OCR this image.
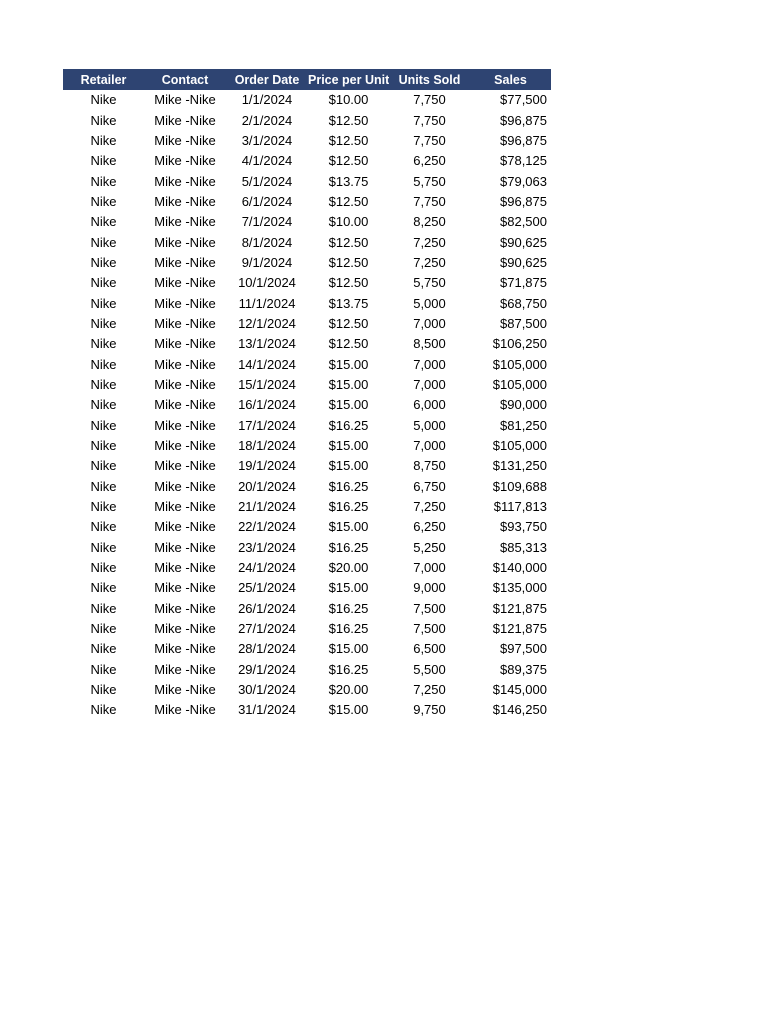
Retailer	Contact	Order Date	Price per Unit	Units Sold	Sales
Nike	Mike -Nike	1/1/2024	$10.00	7,750	$77,500
Nike	Mike -Nike	2/1/2024	$12.50	7,750	$96,875
Nike	Mike -Nike	3/1/2024	$12.50	7,750	$96,875
Nike	Mike -Nike	4/1/2024	$12.50	6,250	$78,125
Nike	Mike -Nike	5/1/2024	$13.75	5,750	$79,063
Nike	Mike -Nike	6/1/2024	$12.50	7,750	$96,875
Nike	Mike -Nike	7/1/2024	$10.00	8,250	$82,500
Nike	Mike -Nike	8/1/2024	$12.50	7,250	$90,625
Nike	Mike -Nike	9/1/2024	$12.50	7,250	$90,625
Nike	Mike -Nike	10/1/2024	$12.50	5,750	$71,875
Nike	Mike -Nike	11/1/2024	$13.75	5,000	$68,750
Nike	Mike -Nike	12/1/2024	$12.50	7,000	$87,500
Nike	Mike -Nike	13/1/2024	$12.50	8,500	$106,250
Nike	Mike -Nike	14/1/2024	$15.00	7,000	$105,000
Nike	Mike -Nike	15/1/2024	$15.00	7,000	$105,000
Nike	Mike -Nike	16/1/2024	$15.00	6,000	$90,000
Nike	Mike -Nike	17/1/2024	$16.25	5,000	$81,250
Nike	Mike -Nike	18/1/2024	$15.00	7,000	$105,000
Nike	Mike -Nike	19/1/2024	$15.00	8,750	$131,250
Nike	Mike -Nike	20/1/2024	$16.25	6,750	$109,688
Nike	Mike -Nike	21/1/2024	$16.25	7,250	$117,813
Nike	Mike -Nike	22/1/2024	$15.00	6,250	$93,750
Nike	Mike -Nike	23/1/2024	$16.25	5,250	$85,313
Nike	Mike -Nike	24/1/2024	$20.00	7,000	$140,000
Nike	Mike -Nike	25/1/2024	$15.00	9,000	$135,000
Nike	Mike -Nike	26/1/2024	$16.25	7,500	$121,875
Nike	Mike -Nike	27/1/2024	$16.25	7,500	$121,875
Nike	Mike -Nike	28/1/2024	$15.00	6,500	$97,500
Nike	Mike -Nike	29/1/2024	$16.25	5,500	$89,375
Nike	Mike -Nike	30/1/2024	$20.00	7,250	$145,000
Nike	Mike -Nike	31/1/2024	$15.00	9,750	$146,250
